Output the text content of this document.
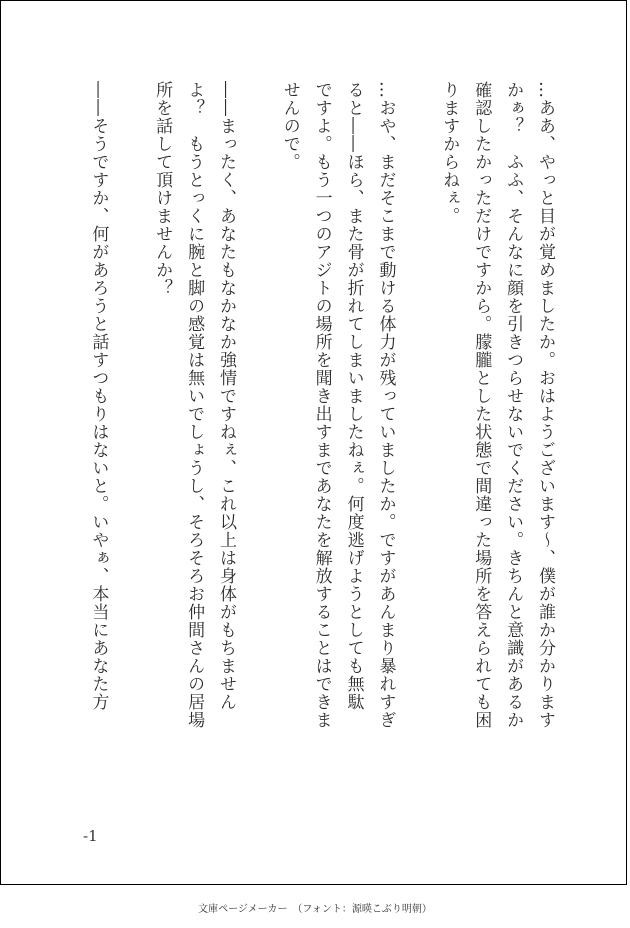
…ああ、やっと目が覚めましたか。おはようございます〜、僕が誰か分かります
かぁ？　ふふ、そんなに顔を引きつらせないでください。きちんと意識があるか
確認したかっただけですから。朦朧とした状態で間違った場所を答えられても困
りますからねぇ。
…おや、まだそこまで動ける体力が残っていましたか。ですがあんまり暴れすぎ
ると――ほら、また骨が折れてしまいましたねぇ。何度逃げようとしても無駄
ですよ。もう一つのアジトの場所を聞き出すまであなたを解放することはできま
せんので。
――まったく、あなたもなかなか強情ですねぇ、これ以上は身体がもちません
よ？　もうとっくに腕と脚の感覚は無いでしょうし、そろそろお仲間さんの居場
所を話して頂けませんか？
――そうですか、何があろうと話すつもりはないと。いやぁ、本当にあなた方
-1
文庫ページメーカー　（フォント：源暎こぶり明朝）
